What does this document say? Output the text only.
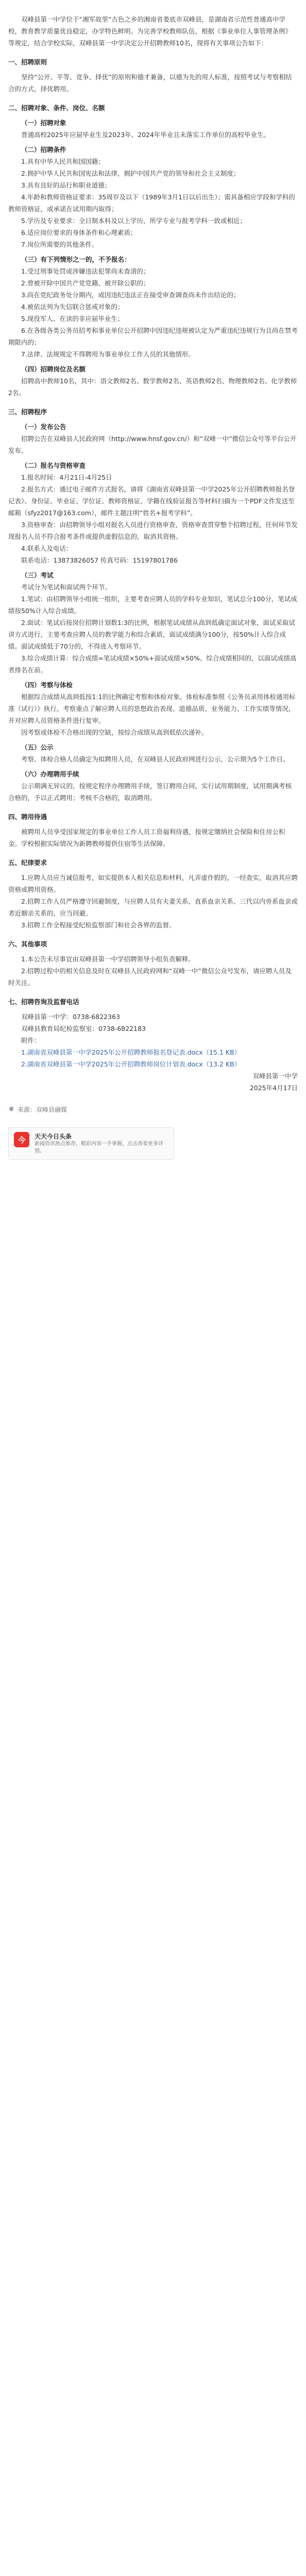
双峰县第一中学位于“湘军故里”古色之乡的湘南省娄底市双峰县，是湖南省示范性普通高中学校，教育教学质量优良稳定，办学特色鲜明。为完善学校教师队伍，根据《事业单位人事管理条例》等规定，结合学校实际，双峰县第一中学决定公开招聘教师10名，现将有关事项公告如下：

一、招聘原则

坚持“公开、平等、竞争、择优”的原则和德才兼备，以德为先的用人标准，按照考试与考察相结合的方式，择优聘用。

二、招聘对象、条件、岗位、名额

（一）招聘对象

普通高校2025年应届毕业生及2023年、2024年毕业且未落实工作单位的高校毕业生。

（二）招聘条件

1.具有中华人民共和国国籍；

2.拥护中华人民共和国宪法和法律，拥护中国共产党的领导和社会主义制度；

3.具有良好的品行和职业道德；

4.年龄和教师资格证要求：35周岁及以下（1989年3月1日以后出生）；需具备相应学段和学科的教师资格证，或承诺在试用期内取得；

5.学历及专业要求：全日制本科及以上学历，所学专业与报考学科一致或相近；

6.适应岗位要求的身体条件和心理素质；

7.岗位所需要的其他条件。

（三）有下列情形之一的，不予报名：

1.受过刑事处罚或涉嫌违法犯罪尚未查清的；

2.曾被开除中国共产党党籍、被开除公职的；

3.尚在党纪政务处分期内，或因违纪违法正在接受审查调查尚未作出结论的；

4.被依法列为失信联合惩戒对象的；

5.现役军人、在读的非应届毕业生；

6.在各级各类公务员招考和事业单位公开招聘中因违纪违规被认定为严重违纪违规行为且尚在禁考期限内的；

7.法律、法规规定不得聘用为事业单位工作人员的其他情形。

（四）招聘岗位及名额

招聘高中教师10名，其中：语文教师2名、数学教师2名、英语教师2名、物理教师2名、化学教师2名。

三、招聘程序

（一）发布公告

招聘公告在双峰县人民政府网（http://www.hnsf.gov.cn/）和“双峰一中”微信公众号等平台公开发布。

（二）报名与资格审查

1.报名时间：4月21日-4月25日

2.报名方式：通过电子邮件方式报名，请将《湖南省双峰县第一中学2025年公开招聘教师报名登记表》、身份证、毕业证、学位证、教师资格证、学籍在线验证报告等材料扫描为一个PDF文件发送至邮箱（sfyz2017@163.com），邮件主题注明“姓名+报考学科”。

3.资格审查：由招聘领导小组对报名人员进行资格审查，资格审查贯穿整个招聘过程，任何环节发现报名人员不符合报考条件或提供虚假信息的，取消其资格。

4.联系人及电话：

联系电话：13873826057 传真号码：15197801786

（三）考试

考试分为笔试和面试两个环节。

1.笔试：由招聘领导小组统一组织，主要考查应聘人员的学科专业知识，笔试总分100分，笔试成绩按50%计入综合成绩。

2.面试：笔试后按岗位招聘计划数1:3的比例，根据笔试成绩从高到低确定面试对象，面试采取试讲方式进行，主要考查应聘人员的教学能力和综合素质，面试成绩满分100分，按50%计入综合成绩。面试成绩低于70分的，不得进入考察环节。

3.综合成绩计算：综合成绩=笔试成绩×50%+面试成绩×50%。综合成绩相同的，以面试成绩高者排名在前。

（四）考察与体检

根据综合成绩从高到低按1:1的比例确定考察和体检对象。体检标准参照《公务员录用体检通用标准（试行）》执行。考察重点了解应聘人员的思想政治表现、道德品质、业务能力、工作实绩等情况，并对应聘人员资格条件进行复审。

因考察或体检不合格出现的空缺，按综合成绩从高到低依次递补。

（五）公示

考察、体检合格人员确定为拟聘用人员，在双峰县人民政府网进行公示，公示期为5个工作日。

（六）办理聘用手续

公示期满无异议的，按规定程序办理聘用手续，签订聘用合同，实行试用期制度，试用期满考核合格的，予以正式聘用；考核不合格的，取消聘用。

四、聘用待遇

被聘用人员享受国家规定的事业单位工作人员工资福利待遇，按规定缴纳社会保险和住房公积金。学校根据实际情况为新聘教师提供住宿等生活保障。

五、纪律要求

1.应聘人员应当诚信报考，如实提供本人相关信息和材料，凡弄虚作假的，一经查实，取消其应聘资格或聘用资格。

2.招聘工作人员严格遵守回避制度，与应聘人员有夫妻关系、直系血亲关系、三代以内旁系血亲或者近姻亲关系的，应当回避。

3.招聘工作全程接受纪检监察部门和社会各界的监督。

六、其他事项

1.本公告未尽事宜由双峰县第一中学招聘领导小组负责解释。

2.招聘过程中的相关信息及时在双峰县人民政府网和“双峰一中”微信公众号发布，请应聘人员及时关注。

七、招聘咨询及监督电话

双峰县第一中学：0738-6822363

双峰县教育局纪检监察室：0738-6822183

附件：

1.湖南省双峰县第一中学2025年公开招聘教师报名登记表.docx（15.1 KB）

2.湖南省双峰县第一中学2025年公开招聘教师岗位计划表.docx（13.2 KB）

双峰县第一中学

2025年4月17日

来源：双峰县融媒
今	天天今日头条
新闻资讯热点推荐，精彩内容一手掌握，点击查看更多详情。
